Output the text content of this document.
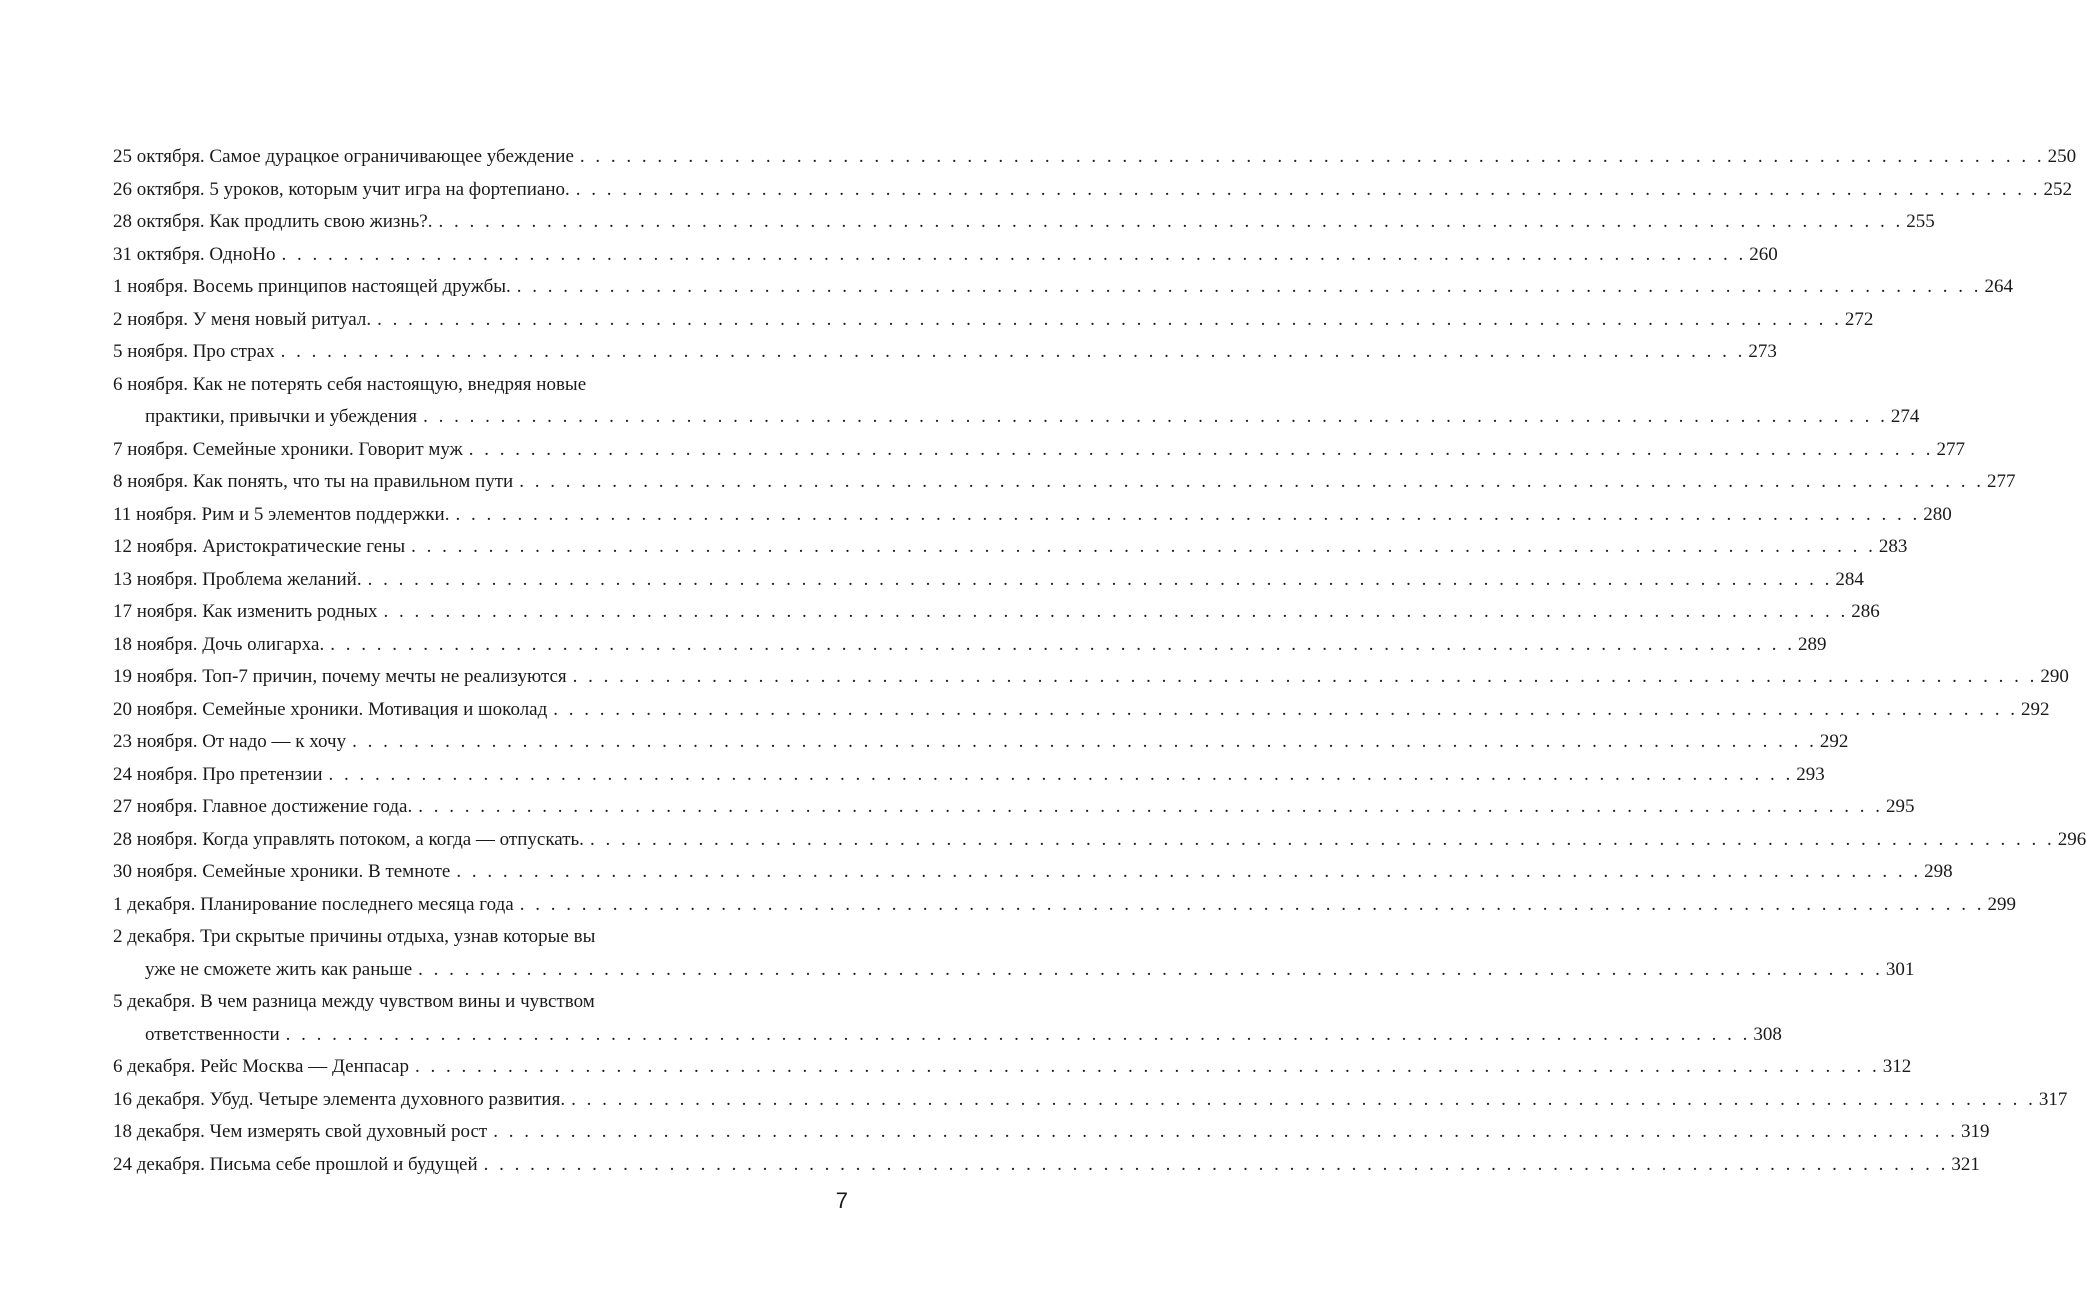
25 октября. Самое дурацкое ограничивающее убеждение . . .	250
26 октября. 5 уроков, которым учит игра на фортепиано. . . .	252
28 октября. Как продлить свою жизнь?. . . .	255
31 октября. ОдноНо . . .	260
1 ноября. Восемь принципов настоящей дружбы. . . .	264
2 ноября. У меня новый ритуал. . . .	272
5 ноября. Про страх . . .	273
6 ноября. Как не потерять себя настоящую, внедряя новые
практики, привычки и убеждения . . .	274
7 ноября. Семейные хроники. Говорит муж . . .	277
8 ноября. Как понять, что ты на правильном пути . . .	277
11 ноября. Рим и 5 элементов поддержки. . . .	280
12 ноября. Аристократические гены . . .	283
13 ноября. Проблема желаний. . . .	284
17 ноября. Как изменить родных . . .	286
18 ноября. Дочь олигарха. . . .	289
19 ноября. Топ-7 причин, почему мечты не реализуются . . .	290
20 ноября. Семейные хроники. Мотивация и шоколад . . .	292
23 ноября. От надо — к хочу . . .	292
24 ноября. Про претензии . . .	293
27 ноября. Главное достижение года. . . .	295
28 ноября. Когда управлять потоком, а когда — отпускать. . . .	296
30 ноября. Семейные хроники. В темноте . . .	298
1 декабря. Планирование последнего месяца года . . .	299
2 декабря. Три скрытые причины отдыха, узнав которые вы
уже не сможете жить как раньше . . .	301
5 декабря. В чем разница между чувством вины и чувством
ответственности . . .	308
6 декабря. Рейс Москва — Денпасар . . .	312
16 декабря. Убуд. Четыре элемента духовного развития. . . .	317
18 декабря. Чем измерять свой духовный рост . . .	319
24 декабря. Письма себе прошлой и будущей . . .	321
7
